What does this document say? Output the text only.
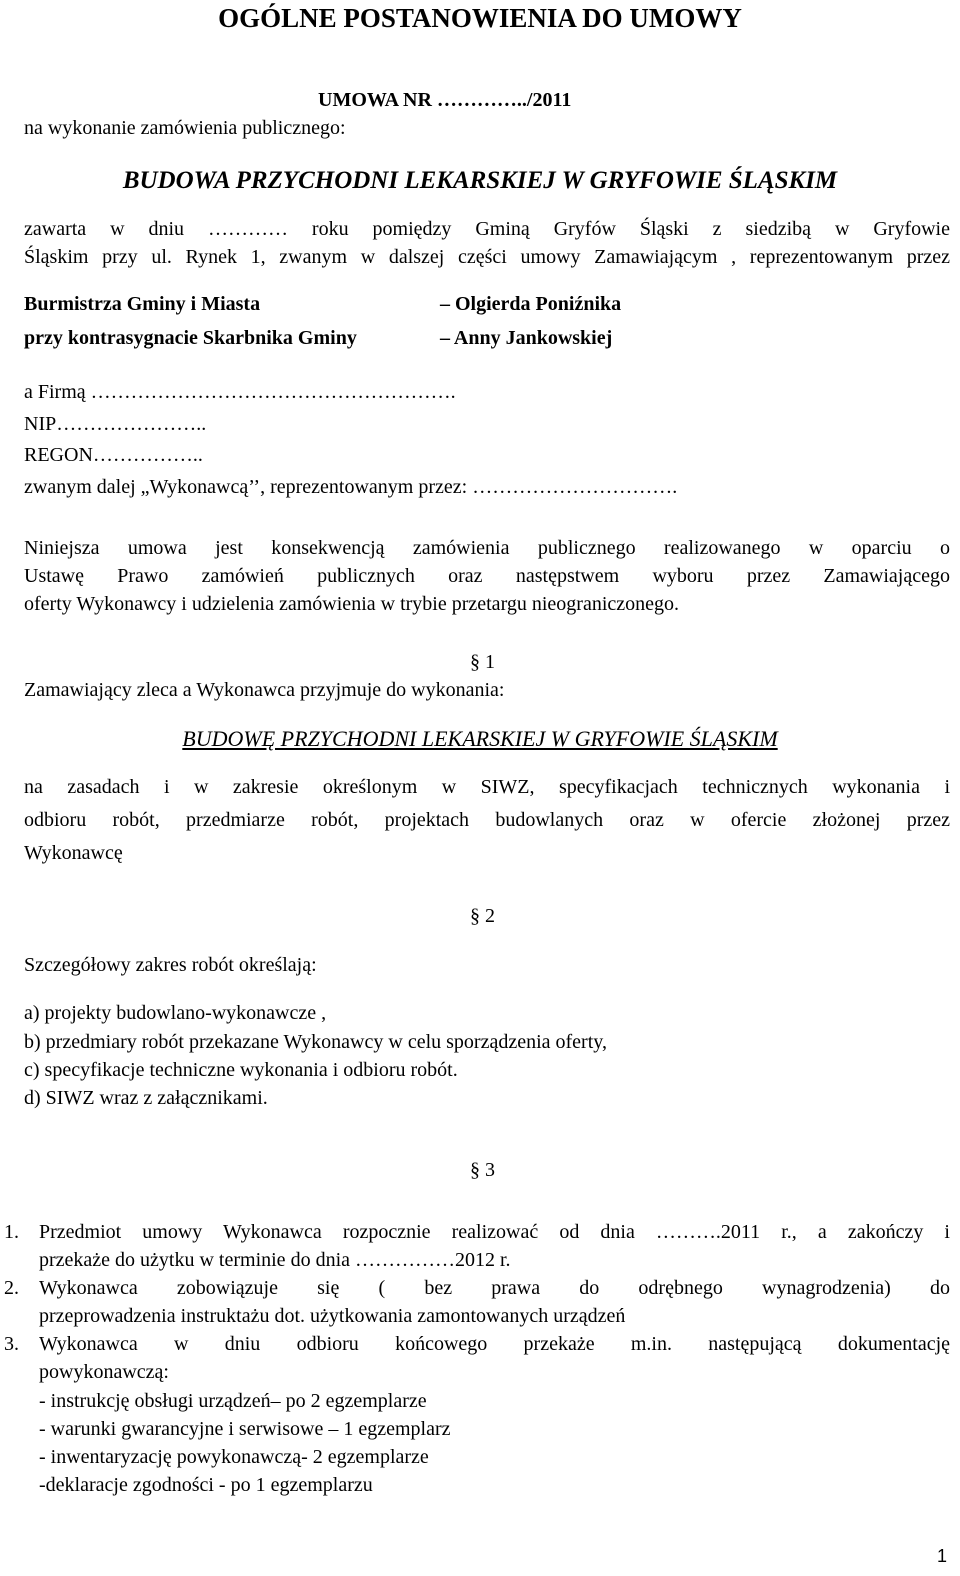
OGÓLNE POSTANOWIENIA DO UMOWY
UMOWA NR …………../2011
na wykonanie zamówienia publicznego:
BUDOWA PRZYCHODNI LEKARSKIEJ W GRYFOWIE ŚLĄSKIM
zawarta w dniu ………… roku pomiędzy Gminą Gryfów Śląski z siedzibą w Gryfowie
Śląskim przy ul. Rynek 1, zwanym w dalszej części umowy Zamawiającym , reprezentowanym przez
Burmistrza Gminy i Miasta	– Olgierda Poniźnika
przy kontrasygnacie Skarbnika Gminy	– Anny Jankowskiej
a Firmą ……………………………………………….
NIP…………………..
REGON……………..
zwanym dalej „Wykonawcą’’, reprezentowanym przez: ………………………….
Niniejsza umowa jest konsekwencją zamówienia publicznego realizowanego w oparciu o
Ustawę Prawo zamówień publicznych oraz następstwem wyboru przez Zamawiającego
oferty Wykonawcy i udzielenia zamówienia w trybie przetargu nieograniczonego.
§ 1
Zamawiający zleca a Wykonawca przyjmuje do wykonania:
BUDOWĘ PRZYCHODNI LEKARSKIEJ W GRYFOWIE ŚLĄSKIM
na zasadach i w zakresie określonym w SIWZ, specyfikacjach technicznych wykonania i
odbioru robót, przedmiarze robót, projektach budowlanych oraz w ofercie złożonej przez
Wykonawcę
§ 2
Szczegółowy zakres robót określają:
a) projekty budowlano-wykonawcze ,
b) przedmiary robót przekazane Wykonawcy w celu sporządzenia oferty,
c) specyfikacje techniczne wykonania i odbioru robót.
d) SIWZ wraz z załącznikami.
§ 3
1. Przedmiot umowy Wykonawca rozpocznie realizować od dnia ……….2011 r., a zakończy i
przekaże do użytku w terminie do dnia ……………2012 r.
2. Wykonawca zobowiązuje się ( bez prawa do odrębnego wynagrodzenia) do
przeprowadzenia instruktażu dot. użytkowania zamontowanych urządzeń
3. Wykonawca w dniu odbioru końcowego przekaże m.in. następującą dokumentację
powykonawczą:
- instrukcję obsługi urządzeń– po 2 egzemplarze
- warunki gwarancyjne i serwisowe – 1 egzemplarz
- inwentaryzację powykonawczą- 2 egzemplarze
-deklaracje zgodności - po 1 egzemplarzu
1
